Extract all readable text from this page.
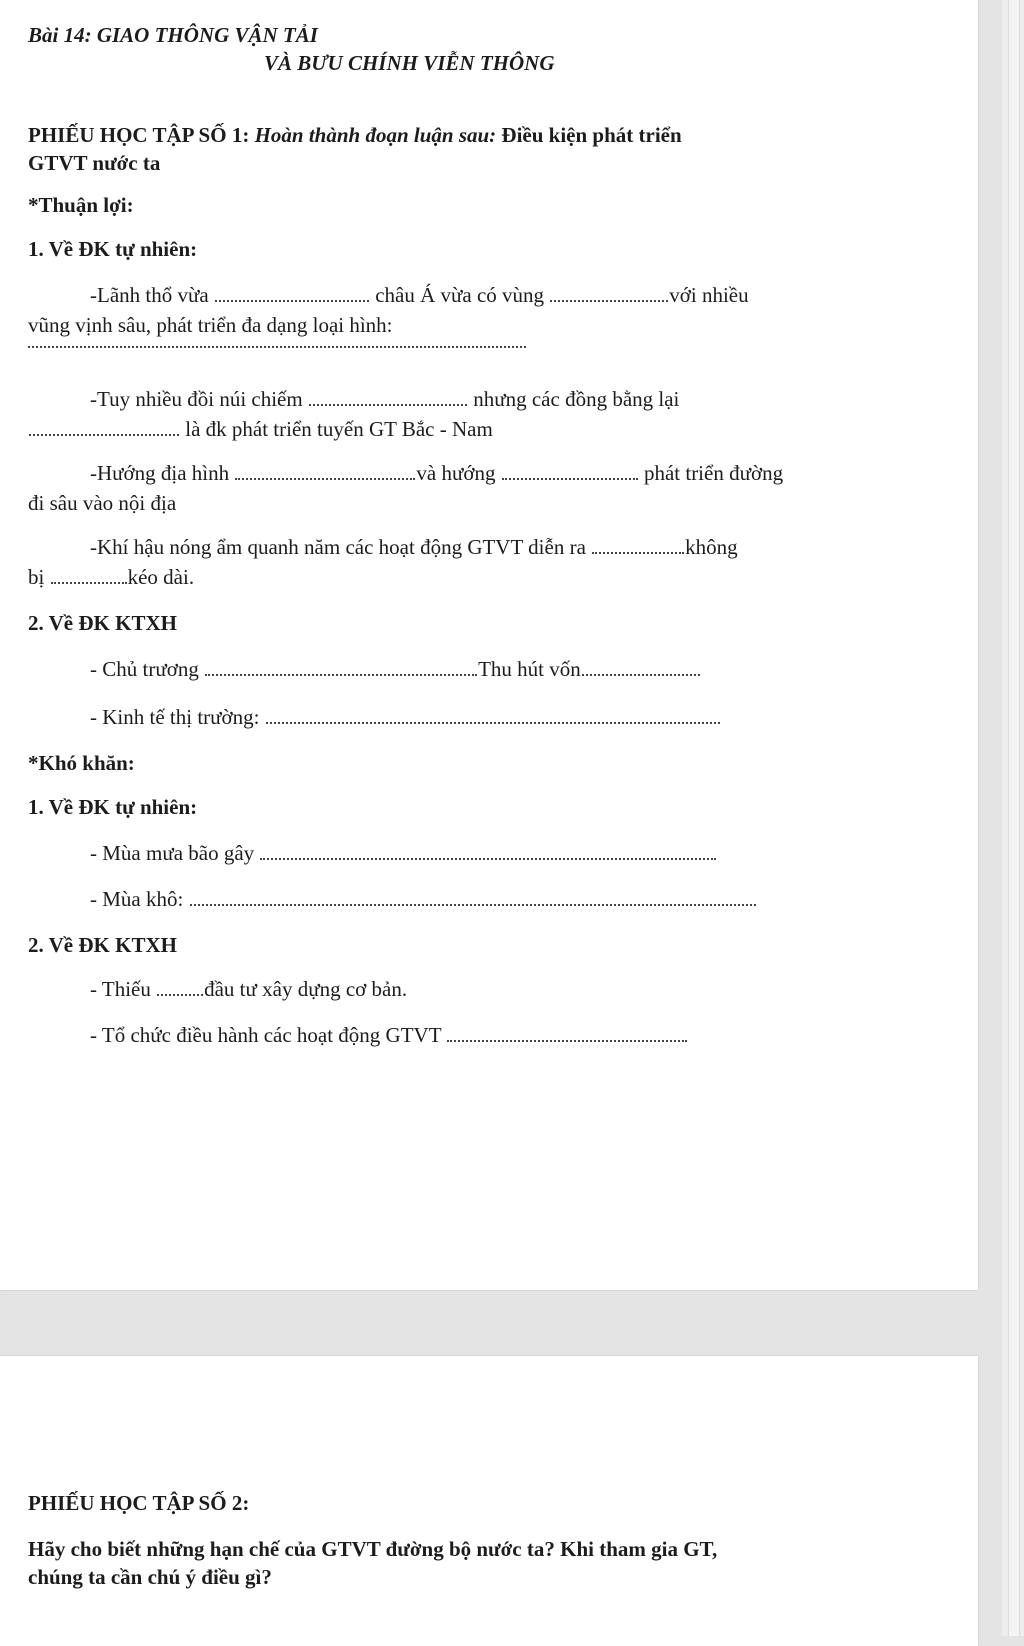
Bài 14: GIAO THÔNG VẬN TẢI
VÀ BƯU CHÍNH VIỄN THÔNG
PHIẾU HỌC TẬP SỐ 1: Hoàn thành đoạn luận sau: Điều kiện phát triển
GTVT nước ta
*Thuận lợi:
1. Về ĐK tự nhiên:
-Lãnh thổ vừa	châu Á vừa có vùng	với nhiều
vũng vịnh sâu, phát triển đa dạng loại hình:
-Tuy nhiều đồi núi chiếm	nhưng các đồng bằng lại
là đk phát triển tuyến GT Bắc - Nam
-Hướng địa hình	và hướng	phát triển đường
đi sâu vào nội địa
-Khí hậu nóng ẩm quanh năm các hoạt động GTVT diễn ra	không
bị	kéo dài.
2. Về ĐK KTXH
- Chủ trương	Thu hút vốn
- Kinh tế thị trường:
*Khó khăn:
1. Về ĐK tự nhiên:
- Mùa mưa bão gây
- Mùa khô:
2. Về ĐK KTXH
- Thiếu	đầu tư xây dựng cơ bản.
- Tổ chức điều hành các hoạt động GTVT
PHIẾU HỌC TẬP SỐ 2:
Hãy cho biết những hạn chế của GTVT đường bộ nước ta? Khi tham gia GT,
chúng ta cần chú ý điều gì?
